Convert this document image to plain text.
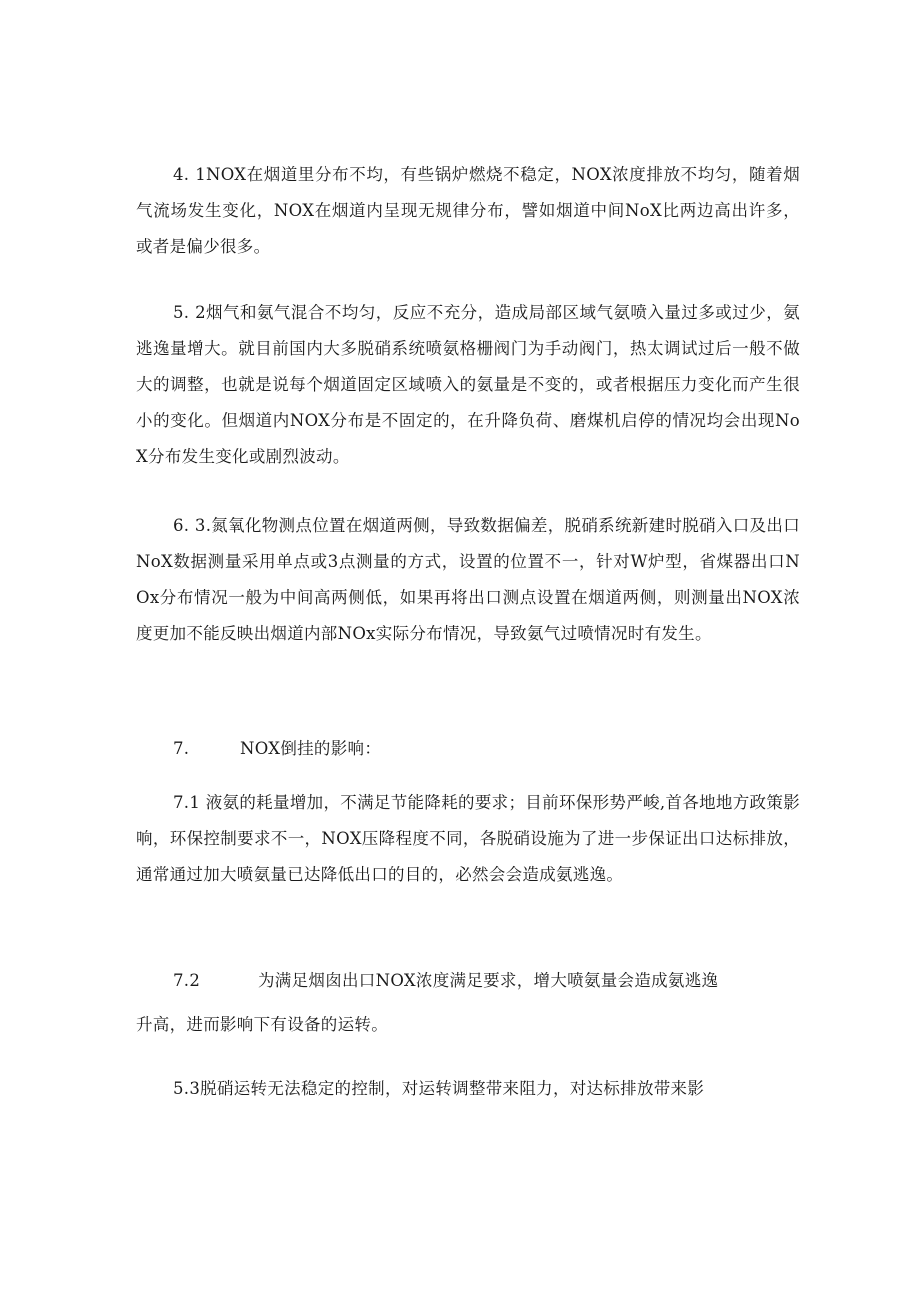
4. 1NOX在烟道里分布不均，有些锅炉燃烧不稳定，NOX浓度排放不均匀，随着烟气流场发生变化，NOX在烟道内呈现无规律分布，譬如烟道中间NoX比两边高出许多，或者是偏少很多。

5. 2烟气和氨气混合不均匀，反应不充分，造成局部区域气氨喷入量过多或过少，氨逃逸量增大。就目前国内大多脱硝系统喷氨格栅阀门为手动阀门，热太调试过后一般不做大的调整，也就是说每个烟道固定区域喷入的氨量是不变的，或者根据压力变化而产生很小的变化。但烟道内NOX分布是不固定的，在升降负荷、磨煤机启停的情况均会出现NoX分布发生变化或剧烈波动。

6. 3.氮氧化物测点位置在烟道两侧，导致数据偏差，脱硝系统新建时脱硝入口及出口NoX数据测量采用单点或3点测量的方式，设置的位置不一，针对W炉型，省煤器出口NOx分布情况一般为中间高两侧低，如果再将出口测点设置在烟道两侧，则测量出NOX浓度更加不能反映出烟道内部NOx实际分布情况，导致氨气过喷情况时有发生。

7.	NOX倒挂的影响：

7.1 液氨的耗量增加，不满足节能降耗的要求；目前环保形势严峻,首各地地方政策影响，环保控制要求不一，NOX压降程度不同，各脱硝设施为了进一步保证出口达标排放，通常通过加大喷氨量已达降低出口的目的，必然会会造成氨逃逸。

7.2	为满足烟囱出口NOX浓度满足要求，增大喷氨量会造成氨逃逸
升高，进而影响下有设备的运转。

5.3脱硝运转无法稳定的控制，对运转调整带来阻力，对达标排放带来影
